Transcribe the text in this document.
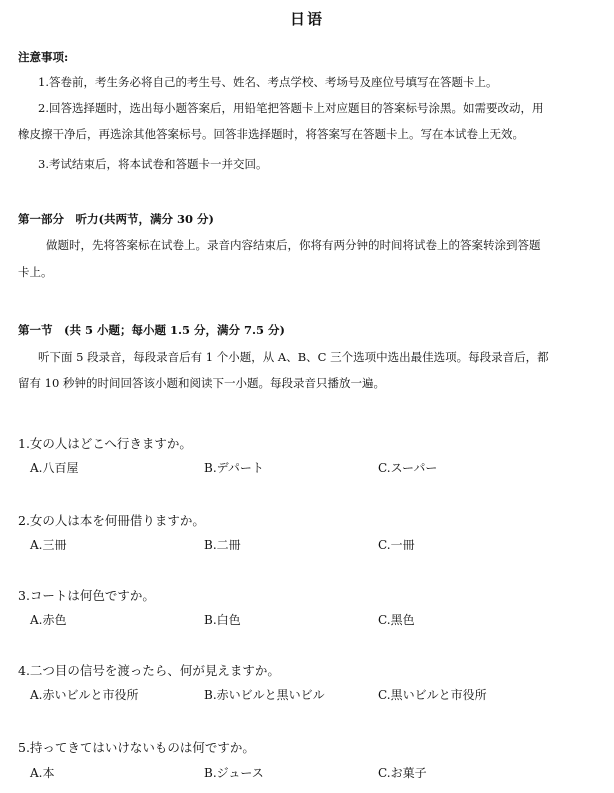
日语
注意事项:
1.答卷前，考生务必将自己的考生号、姓名、考点学校、考场号及座位号填写在答题卡上。
2.回答选择题时，选出每小题答案后，用铅笔把答题卡上对应题目的答案标号涂黑。如需要改动，用
橡皮擦干净后，再选涂其他答案标号。回答非选择题时，将答案写在答题卡上。写在本试卷上无效。
3.考试结束后，将本试卷和答题卡一并交回。
第一部分　听力(共两节，满分 30 分)
做题时，先将答案标在试卷上。录音内容结束后，你将有两分钟的时间将试卷上的答案转涂到答题
卡上。
第一节　(共 5 小题；每小题 1.5 分，满分 7.5 分)
听下面 5 段录音，每段录音后有 1 个小题，从 A、B、C 三个选项中选出最佳选项。每段录音后，都
留有 10 秒钟的时间回答该小题和阅读下一小题。每段录音只播放一遍。
1.女の人はどこへ行きますか。
A.八百屋	B.デパート	C.スーパー
2.女の人は本を何冊借りますか。
A.三冊	B.二冊	C.一冊
3.コートは何色ですか。
A.赤色	B.白色	C.黑色
4.二つ目の信号を渡ったら、何が見えますか。
A.赤いビルと市役所	B.赤いビルと黒いビル	C.黒いビルと市役所
5.持ってきてはいけないものは何ですか。
A.本	B.ジュース	C.お菓子
